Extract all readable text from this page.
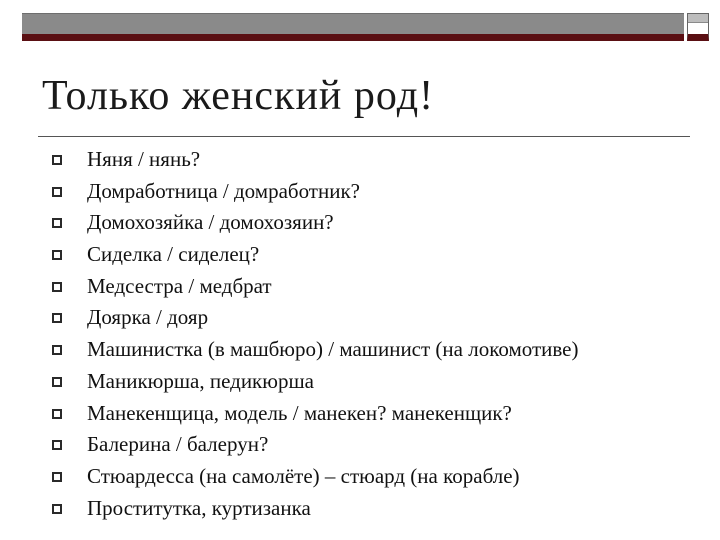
Только женский род!
Няня / нянь?
Домработница / домработник?
Домохозяйка / домохозяин?
Сиделка / сиделец?
Медсестра / медбрат
Доярка / дояр
Машинистка (в машбюро) / машинист (на локомотиве)
Маникюрша, педикюрша
Манекенщица, модель / манекен? манекенщик?
Балерина / балерун?
Стюардесса (на самолёте) – стюард (на корабле)
Проститутка, куртизанка
